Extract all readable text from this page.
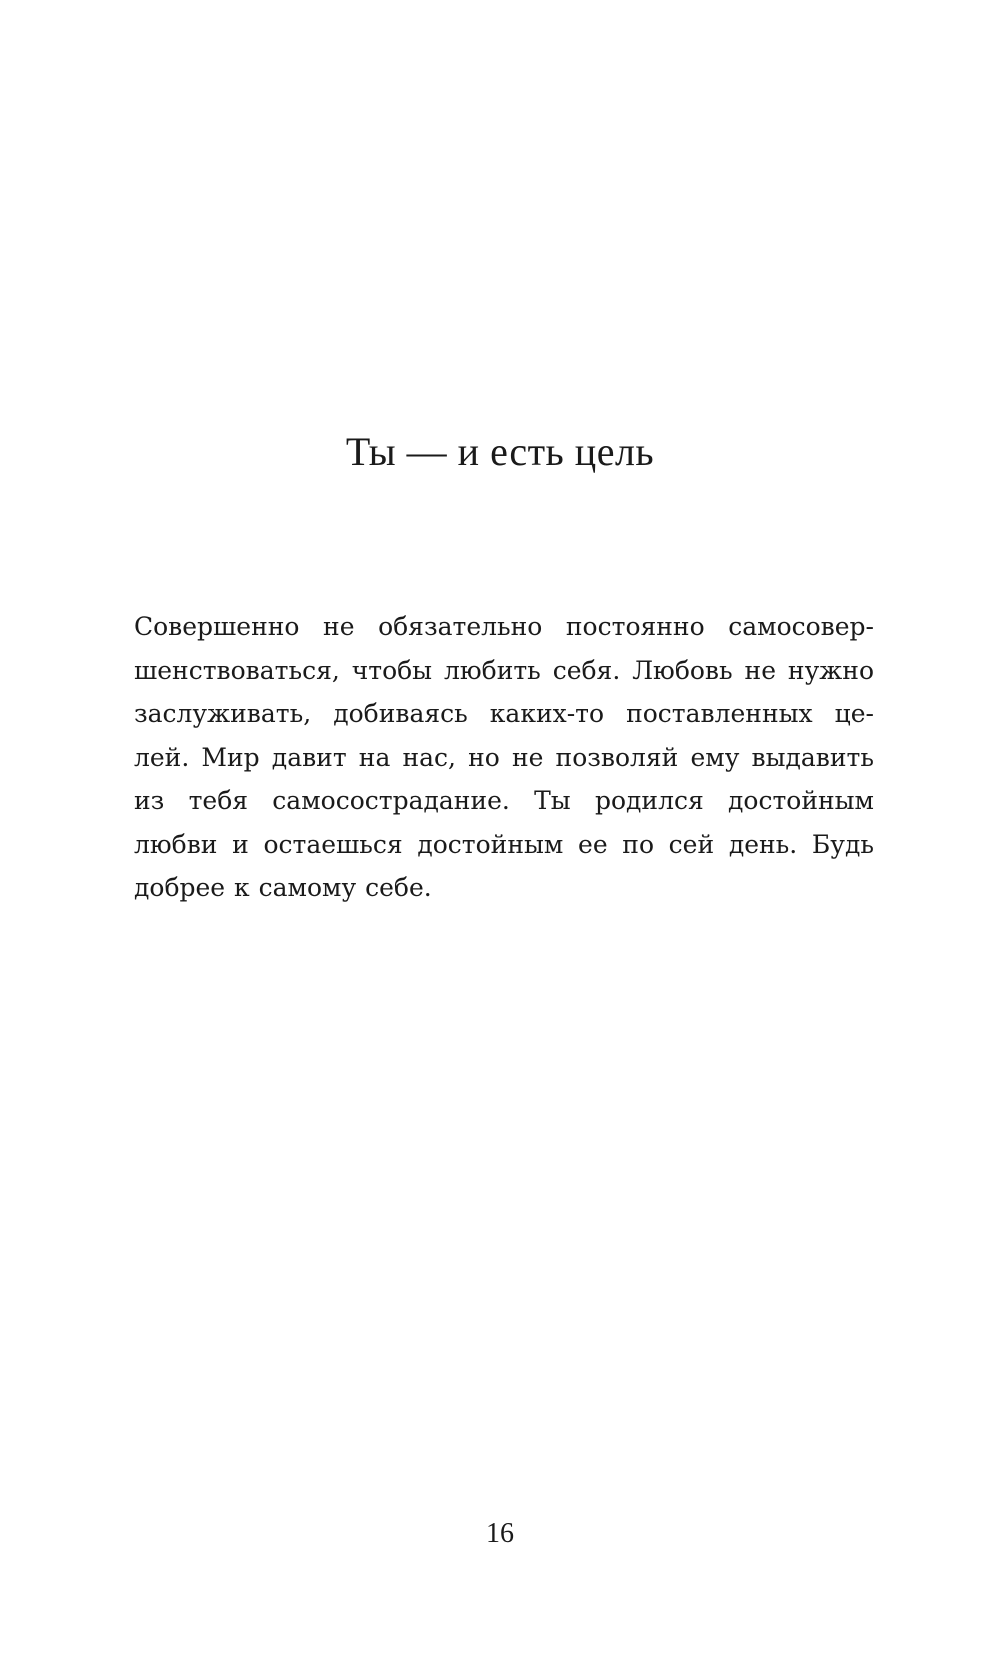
Ты — и есть цель

Совершенно не обязательно постоянно самосовер-
шенствоваться, чтобы любить себя. Любовь не нужно
заслуживать, добиваясь каких-то поставленных це-
лей. Мир давит на нас, но не позволяй ему выдавить
из тебя самосострадание. Ты родился достойным
любви и остаешься достойным ее по сей день. Будь
добрее к самому себе.

16
